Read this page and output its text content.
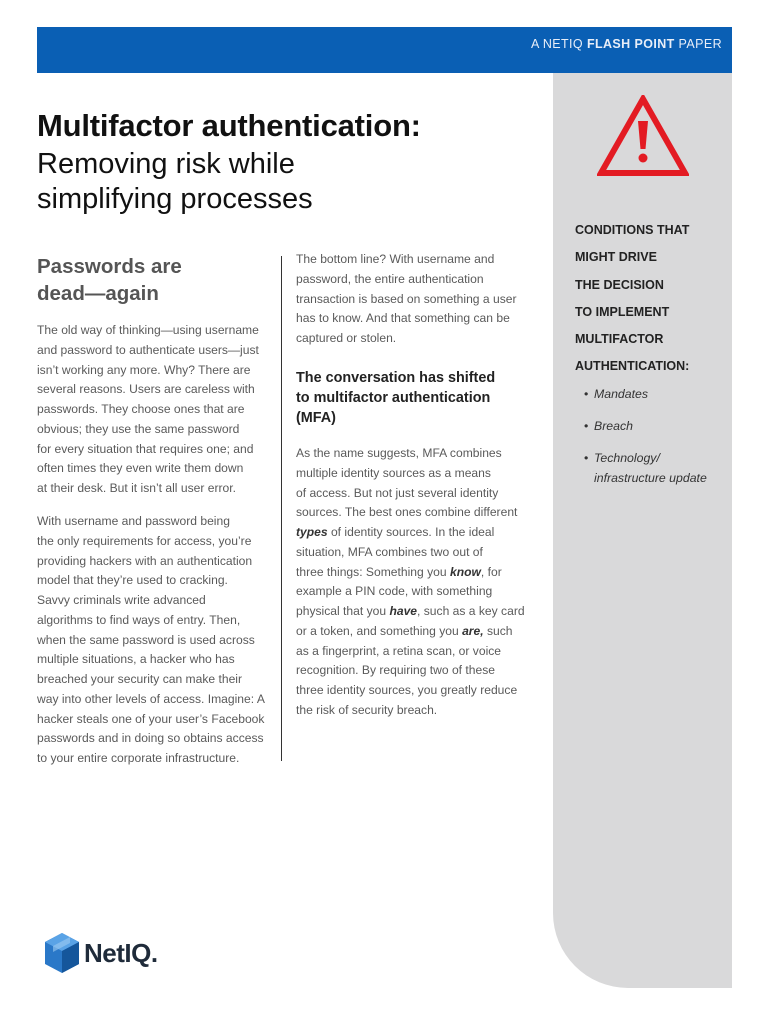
A NETIQ FLASH POINT PAPER
CONDITIONS THAT
MIGHT DRIVE
THE DECISION
TO IMPLEMENT
MULTIFACTOR
AUTHENTICATION:
• Mandates
• Breach
• Technology/
infrastructure update
Multifactor authentication:
Removing risk while
simplifying processes
Passwords are
dead—again

The old way of thinking—using username
and password to authenticate users—just
isn’t working any more. Why? There are
several reasons. Users are careless with
passwords. They choose ones that are
obvious; they use the same password
for every situation that requires one; and
often times they even write them down
at their desk. But it isn’t all user error.

With username and password being
the only requirements for access, you’re
providing hackers with an authentication
model that they’re used to cracking.
Savvy criminals write advanced
algorithms to find ways of entry. Then,
when the same password is used across
multiple situations, a hacker who has
breached your security can make their
way into other levels of access. Imagine: A
hacker steals one of your user’s Facebook
passwords and in doing so obtains access
to your entire corporate infrastructure.

The bottom line? With username and
password, the entire authentication
transaction is based on something a user
has to know. And that something can be
captured or stolen.

The conversation has shifted
to multifactor authentication
(MFA)

As the name suggests, MFA combines
multiple identity sources as a means
of access. But not just several identity
sources. The best ones combine different
types of identity sources. In the ideal
situation, MFA combines two out of
three things: Something you know, for
example a PIN code, with something
physical that you have, such as a key card
or a token, and something you are, such
as a fingerprint, a retina scan, or voice
recognition. By requiring two of these
three identity sources, you greatly reduce
the risk of security breach.

NetIQ.
